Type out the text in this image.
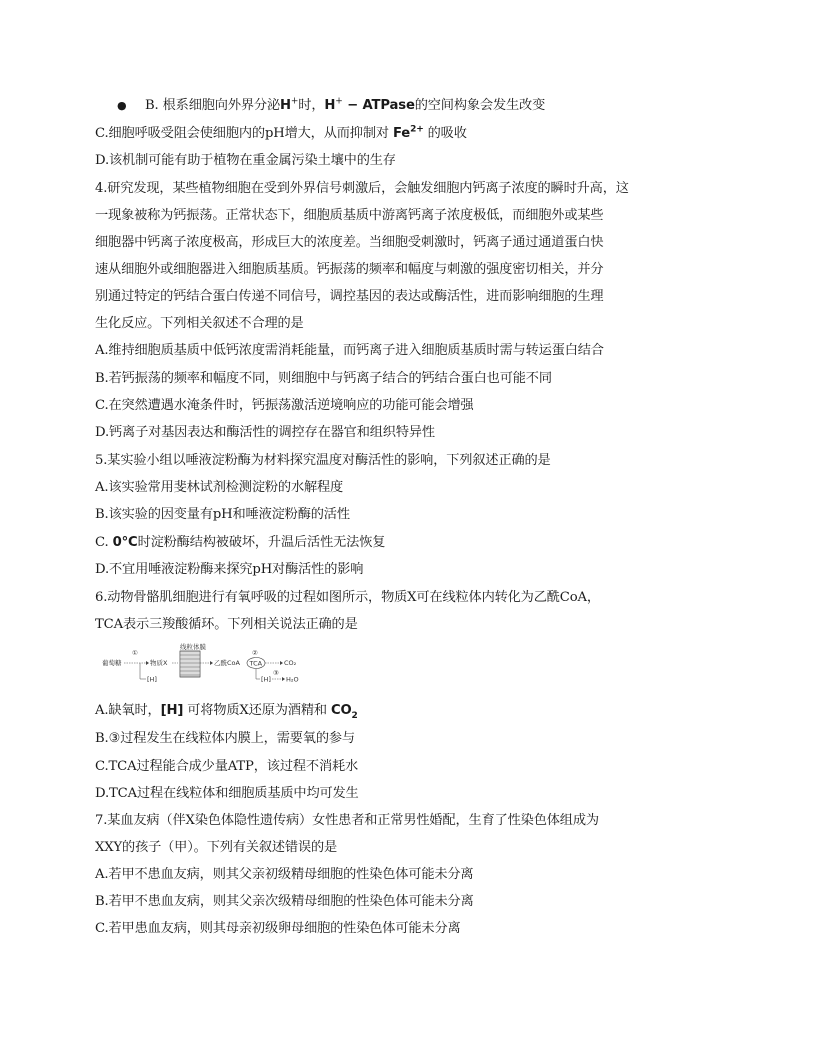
● B. 根系细胞向外界分泌H+时，H+ − ATPase的空间构象会发生改变
C.细胞呼吸受阻会使细胞内的pH增大，从而抑制对 $Fe^{2+}$ 的吸收
D.该机制可能有助于植物在重金属污染土壤中的生存
4.研究发现，某些植物细胞在受到外界信号刺激后，会触发细胞内钙离子浓度的瞬时升高，这
一现象被称为钙振荡。正常状态下，细胞质基质中游离钙离子浓度极低，而细胞外或某些
细胞器中钙离子浓度极高，形成巨大的浓度差。当细胞受刺激时，钙离子通过通道蛋白快
速从细胞外或细胞器进入细胞质基质。钙振荡的频率和幅度与刺激的强度密切相关，并分
别通过特定的钙结合蛋白传递不同信号，调控基因的表达或酶活性，进而影响细胞的生理
生化反应。下列相关叙述不合理的是
A.维持细胞质基质中低钙浓度需消耗能量，而钙离子进入细胞质基质时需与转运蛋白结合
B.若钙振荡的频率和幅度不同，则细胞中与钙离子结合的钙结合蛋白也可能不同
C.在突然遭遇水淹条件时，钙振荡激活逆境响应的功能可能会增强
D.钙离子对基因表达和酶活性的调控存在器官和组织特异性
5.某实验小组以唾液淀粉酶为材料探究温度对酶活性的影响，下列叙述正确的是
A.该实验常用斐林试剂检测淀粉的水解程度
B.该实验的因变量有pH和唾液淀粉酶的活性
C. 0°C时淀粉酶结构被破坏，升温后活性无法恢复
D.不宜用唾液淀粉酶来探究pH对酶活性的影响
6.动物骨骼肌细胞进行有氧呼吸的过程如图所示，物质X可在线粒体内转化为乙酰CoA，
TCA表示三羧酸循环。下列相关说法正确的是
葡萄糖
①
物质X
[H]
线粒体膜
乙酰CoA
②
TCA	CO₂
[H]
③
H₂O
A.缺氧时，[H] 可将物质X还原为酒精和 $CO_2$
B.③过程发生在线粒体内膜上，需要氧的参与
C.TCA过程能合成少量ATP，该过程不消耗水
D.TCA过程在线粒体和细胞质基质中均可发生
7.某血友病（伴X染色体隐性遗传病）女性患者和正常男性婚配，生育了性染色体组成为
XXY的孩子（甲）。下列有关叙述错误的是
A.若甲不患血友病，则其父亲初级精母细胞的性染色体可能未分离
B.若甲不患血友病，则其父亲次级精母细胞的性染色体可能未分离
C.若甲患血友病，则其母亲初级卵母细胞的性染色体可能未分离
